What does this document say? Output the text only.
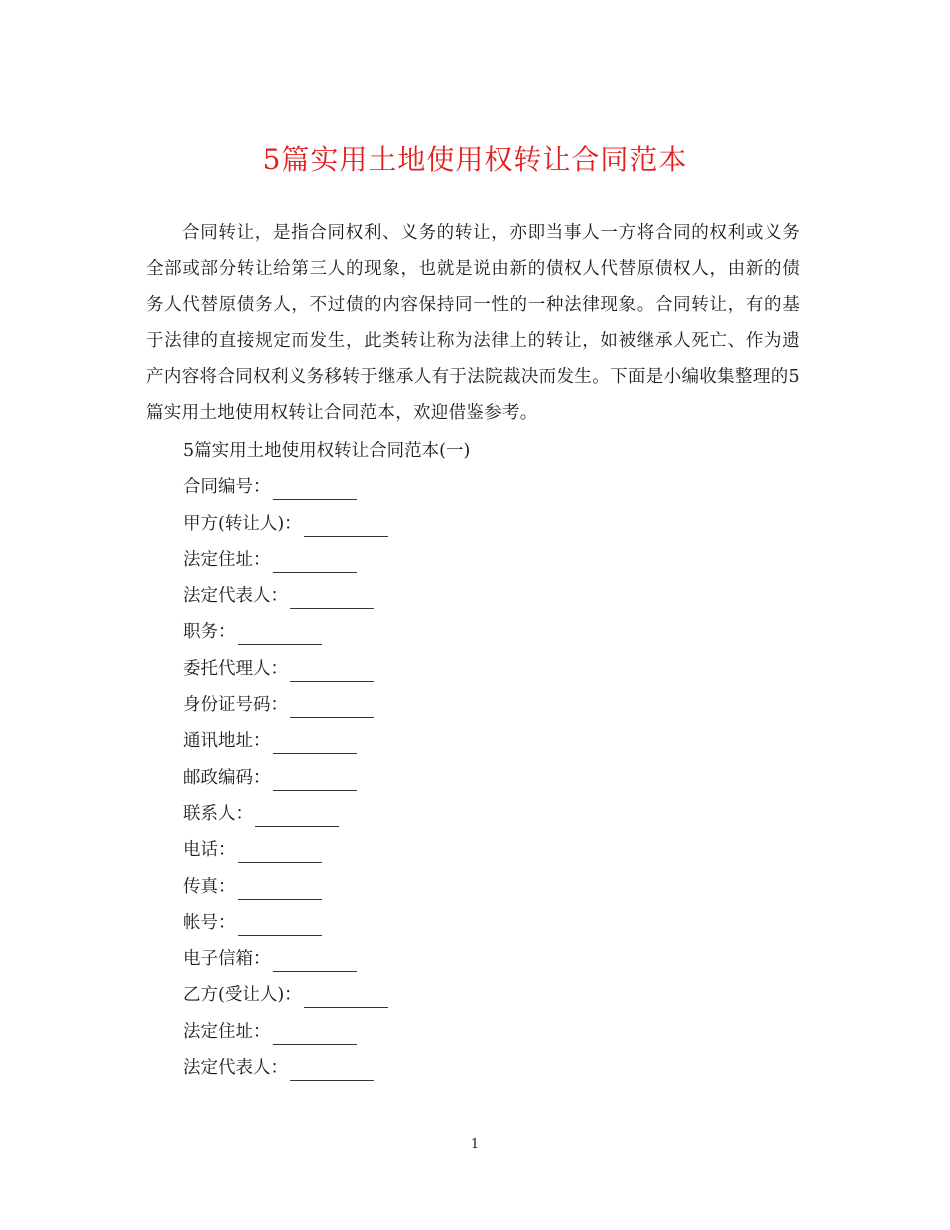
5篇实用土地使用权转让合同范本

合同转让，是指合同权利、义务的转让，亦即当事人一方将合同的权利或义务全部或部分转让给第三人的现象，也就是说由新的债权人代替原债权人，由新的债务人代替原债务人，不过债的内容保持同一性的一种法律现象。合同转让，有的基于法律的直接规定而发生，此类转让称为法律上的转让，如被继承人死亡、作为遗产内容将合同权利义务移转于继承人有于法院裁决而发生。下面是小编收集整理的5篇实用土地使用权转让合同范本，欢迎借鉴参考。

5篇实用土地使用权转让合同范本(一)
合同编号：
甲方(转让人)：
法定住址：
法定代表人：
职务：
委托代理人：
身份证号码：
通讯地址：
邮政编码：
联系人：
电话：
传真：
帐号：
电子信箱：
乙方(受让人)：
法定住址：
法定代表人：
1
